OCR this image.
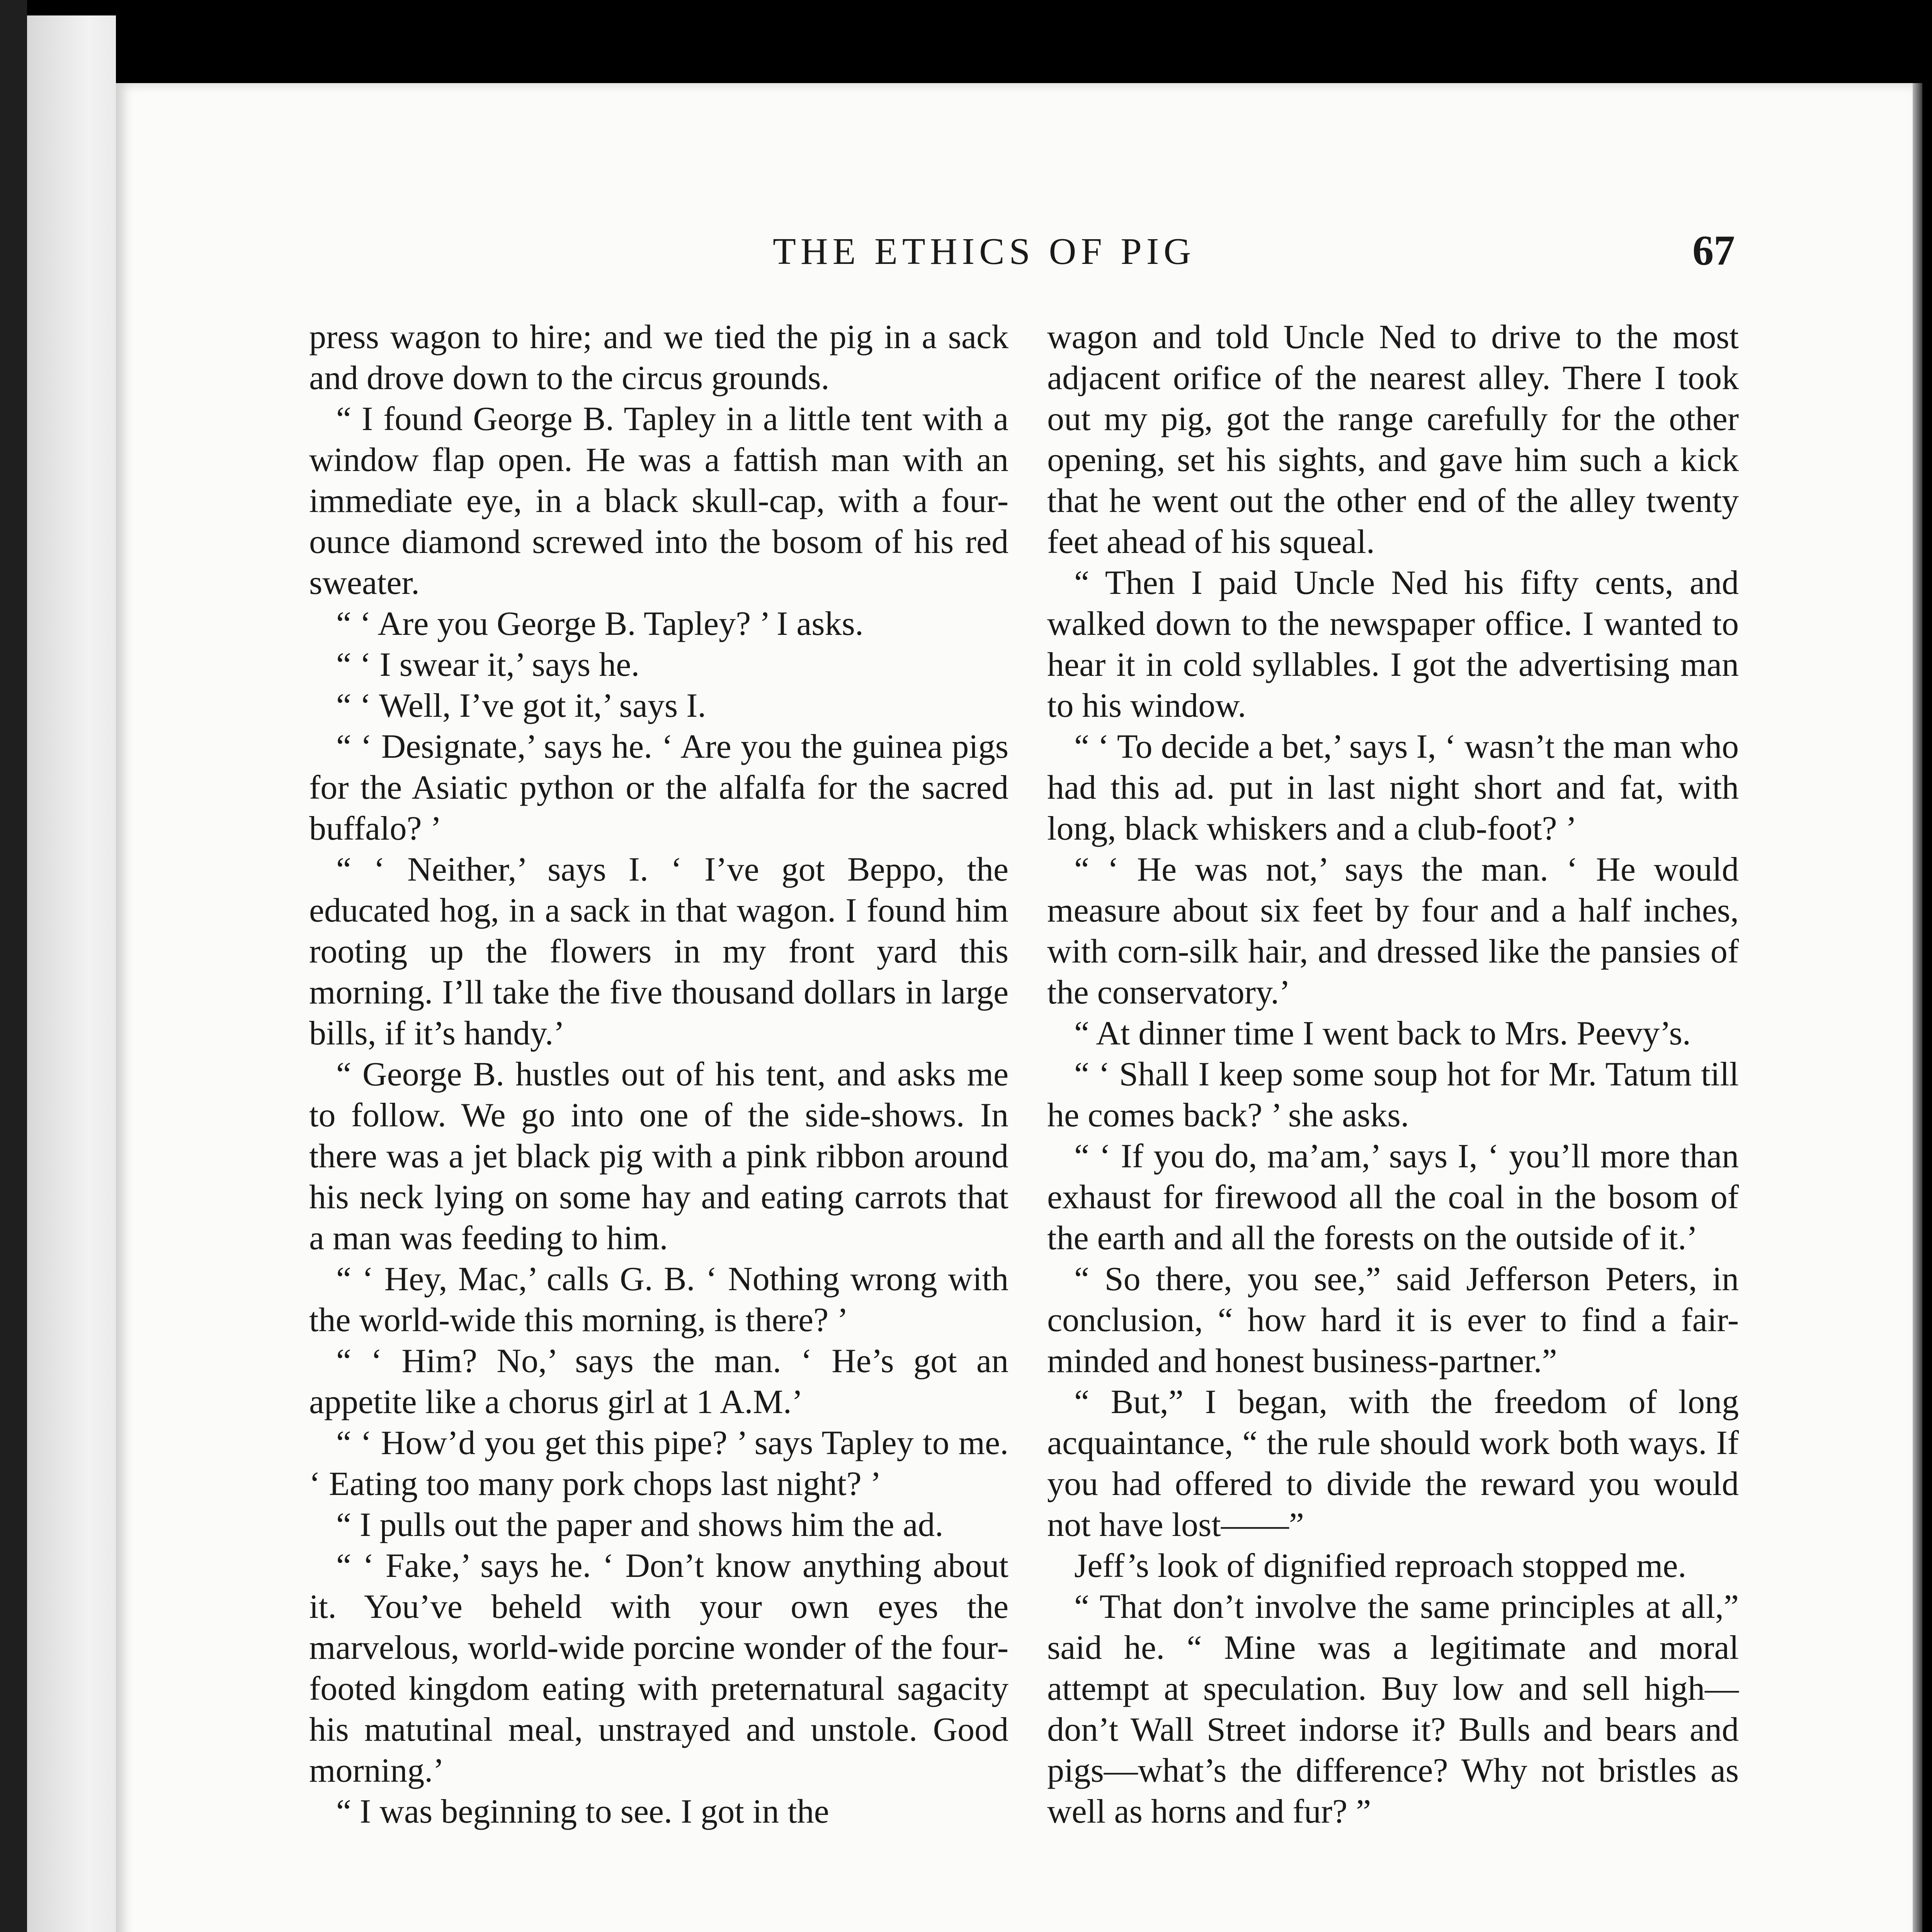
THE ETHICS OF PIG	67

press wagon to hire; and we tied the pig in a sack and drove down to the circus grounds.

“ I found George B. Tapley in a little tent with a window flap open. He was a fattish man with an immediate eye, in a black skull-cap, with a four-ounce diamond screwed into the bosom of his red sweater.

“ ‘ Are you George B. Tapley? ’ I asks.

“ ‘ I swear it,’ says he.

“ ‘ Well, I’ve got it,’ says I.

“ ‘ Designate,’ says he. ‘ Are you the guinea pigs for the Asiatic python or the alfalfa for the sacred buffalo? ’

“ ‘ Neither,’ says I. ‘ I’ve got Beppo, the educated hog, in a sack in that wagon. I found him rooting up the flowers in my front yard this morning. I’ll take the five thousand dollars in large bills, if it’s handy.’

“ George B. hustles out of his tent, and asks me to follow. We go into one of the side-shows. In there was a jet black pig with a pink ribbon around his neck lying on some hay and eating carrots that a man was feeding to him.

“ ‘ Hey, Mac,’ calls G. B. ‘ Nothing wrong with the world-wide this morning, is there? ’

“ ‘ Him? No,’ says the man. ‘ He’s got an appetite like a chorus girl at 1 A.M.’

“ ‘ How’d you get this pipe? ’ says Tapley to me. ‘ Eating too many pork chops last night? ’

“ I pulls out the paper and shows him the ad.

“ ‘ Fake,’ says he. ‘ Don’t know anything about it. You’ve beheld with your own eyes the marvelous, world-wide porcine wonder of the four-footed kingdom eating with preternatural sagacity his matutinal meal, unstrayed and unstole. Good morning.’

“ I was beginning to see. I got in the

wagon and told Uncle Ned to drive to the most adjacent orifice of the nearest alley. There I took out my pig, got the range carefully for the other opening, set his sights, and gave him such a kick that he went out the other end of the alley twenty feet ahead of his squeal.

“ Then I paid Uncle Ned his fifty cents, and walked down to the newspaper office. I wanted to hear it in cold syllables. I got the advertising man to his window.

“ ‘ To decide a bet,’ says I, ‘ wasn’t the man who had this ad. put in last night short and fat, with long, black whiskers and a club-foot? ’

“ ‘ He was not,’ says the man. ‘ He would measure about six feet by four and a half inches, with corn-silk hair, and dressed like the pansies of the conservatory.’

“ At dinner time I went back to Mrs. Peevy’s.

“ ‘ Shall I keep some soup hot for Mr. Tatum till he comes back? ’ she asks.

“ ‘ If you do, ma’am,’ says I, ‘ you’ll more than exhaust for firewood all the coal in the bosom of the earth and all the forests on the outside of it.’

“ So there, you see,” said Jefferson Peters, in conclusion, “ how hard it is ever to find a fair-minded and honest business-partner.”

“ But,” I began, with the freedom of long acquaintance, “ the rule should work both ways. If you had offered to divide the reward you would not have lost——”

Jeff’s look of dignified reproach stopped me.

“ That don’t involve the same principles at all,” said he. “ Mine was a legitimate and moral attempt at speculation. Buy low and sell high—don’t Wall Street indorse it? Bulls and bears and pigs—what’s the difference? Why not bristles as well as horns and fur? ”
